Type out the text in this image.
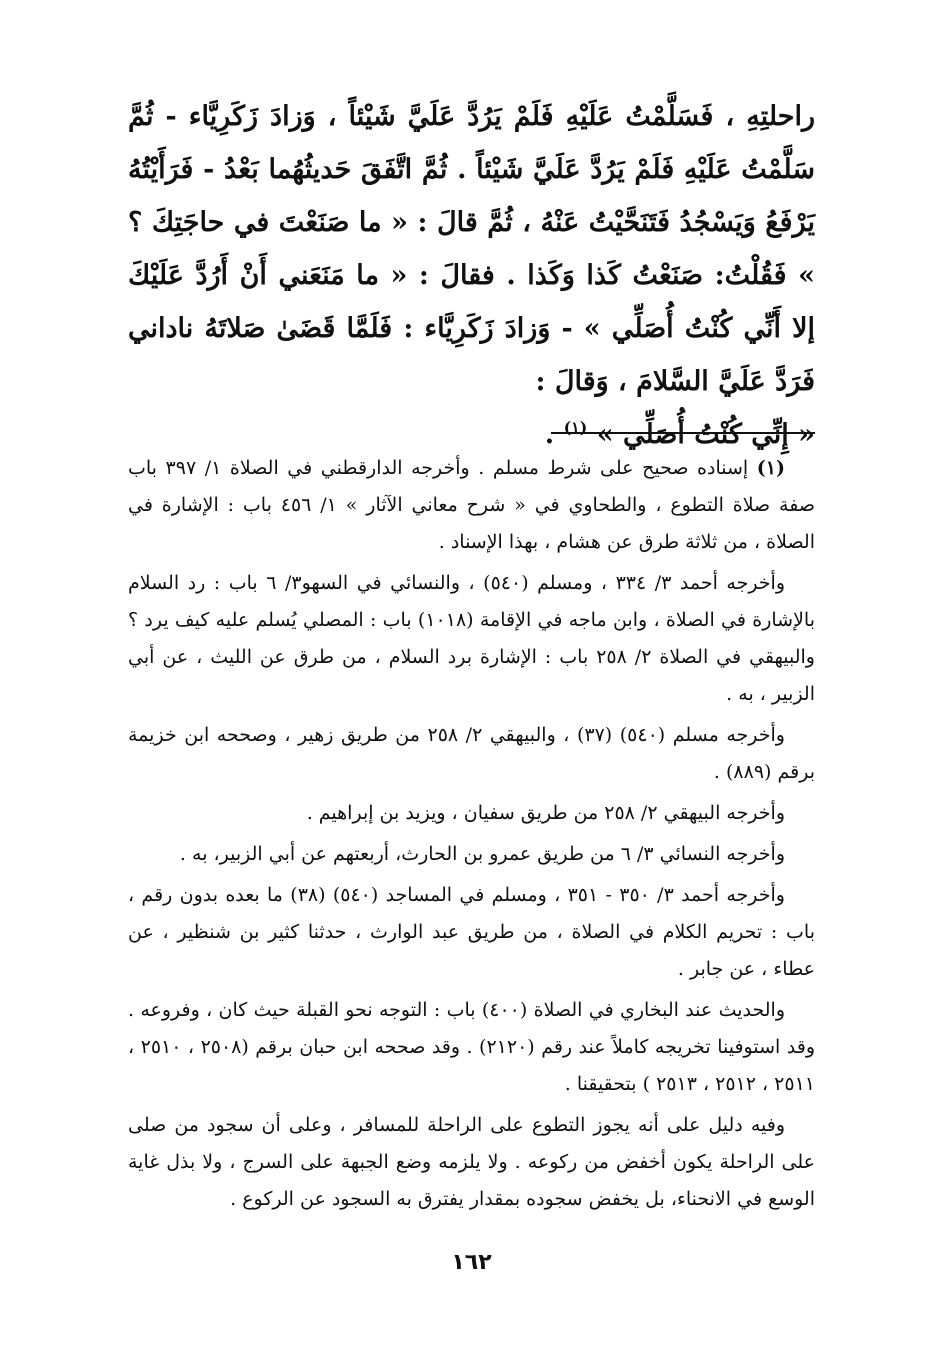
راحلتِهِ ، فَسَلَّمْتُ عَلَيْهِ فَلَمْ يَرُدَّ عَلَيَّ شَيْئاً ، وَزادَ زَكَرِيَّاء - ثُمَّ سَلَّمْتُ عَلَيْهِ فَلَمْ يَرُدَّ عَلَيَّ شَيْئاً . ثُمَّ اتَّفَقَ حَديثُهُما بَعْدُ - فَرَأَيْتُهُ يَرْفَعُ وَيَسْجُدُ فَتَنَحَّيْتُ عَنْهُ ، ثُمَّ قالَ : « ما صَنَعْتَ في حاجَتِكَ ؟ » فَقُلْتُ: صَنَعْتُ كَذا وَكَذا . فقالَ : « ما مَنَعَني أَنْ أَرُدَّ عَلَيْكَ إلا أَنِّي كُنْتُ أُصَلِّي » - وَزادَ زَكَرِيَّاء : فَلَمَّا قَضَىٰ صَلاتَهُ ناداني فَرَدَّ عَلَيَّ السَّلامَ ، وَقالَ :

« إِنِّي كُنْتُ أُصَلِّي » $^{(١)}$ .

(١) إسناده صحيح على شرط مسلم . وأخرجه الدارقطني في الصلاة ١/ ٣٩٧ باب صفة صلاة التطوع ، والطحاوي في « شرح معاني الآثار » ١/ ٤٥٦ باب : الإشارة في الصلاة ، من ثلاثة طرق عن هشام ، بهذا الإسناد .

وأخرجه أحمد ٣/ ٣٣٤ ، ومسلم (٥٤٠) ، والنسائي في السهو٣/ ٦ باب : رد السلام بالإشارة في الصلاة ، وابن ماجه في الإقامة (١٠١٨) باب : المصلي يُسلم عليه كيف يرد ؟ والبيهقي في الصلاة ٢/ ٢٥٨ باب : الإشارة برد السلام ، من طرق عن الليث ، عن أبي الزبير ، به .

وأخرجه مسلم (٥٤٠) (٣٧) ، والبيهقي ٢/ ٢٥٨ من طريق زهير ، وصححه ابن خزيمة برقم (٨٨٩) .

وأخرجه البيهقي ٢/ ٢٥٨ من طريق سفيان ، ويزيد بن إبراهيم .

وأخرجه النسائي ٣/ ٦ من طريق عمرو بن الحارث، أربعتهم عن أبي الزبير، به .

وأخرجه أحمد ٣/ ٣٥٠ - ٣٥١ ، ومسلم في المساجد (٥٤٠) (٣٨) ما بعده بدون رقم ، باب : تحريم الكلام في الصلاة ، من طريق عبد الوارث ، حدثنا كثير بن شنظير ، عن عطاء ، عن جابر .

والحديث عند البخاري في الصلاة (٤٠٠) باب : التوجه نحو القبلة حيث كان ، وفروعه . وقد استوفينا تخريجه كاملاً عند رقم (٢١٢٠) . وقد صححه ابن حبان برقم (٢٥٠٨ ، ٢٥١٠ ، ٢٥١١ ، ٢٥١٢ ، ٢٥١٣ ) بتحقيقنا .

وفيه دليل على أنه يجوز التطوع على الراحلة للمسافر ، وعلى أن سجود من صلى على الراحلة يكون أخفض من ركوعه . ولا يلزمه وضع الجبهة على السرج ، ولا بذل غاية الوسع في الانحناء، بل يخفض سجوده بمقدار يفترق به السجود عن الركوع .

١٦٢
